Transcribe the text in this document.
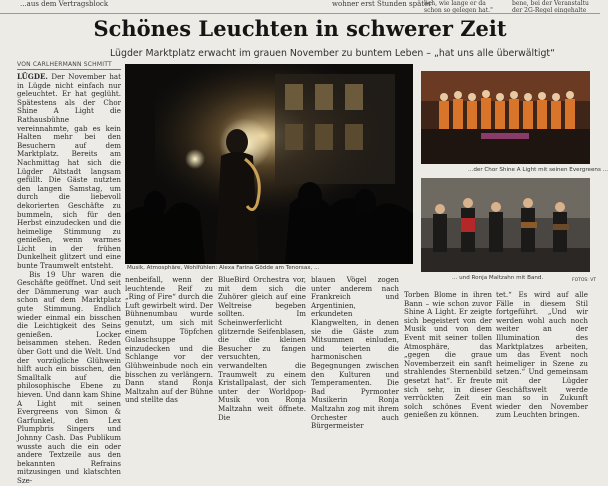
...aus dem Vertragsblock	wohner erst Stunden später
lich, wie lange er da schon so gelegen hat."
bene, bei der Veranstaltu der 2G-Regel eingehalte
Schönes Leuchten in schwerer Zeit
Lügder Marktplatz erwacht im grauen November zu buntem Leben – „hat uns alle überwältigt“
VON CARLHERMANN SCHMITT
LÜGDE. Der November hat in Lügde nicht einfach nur geleuchtet. Er hat geglüht. Spätestens als der Chor Shine A Light die Rathausbühne vereinnahmte, gab es kein Halten mehr bei den Besuchern auf dem Marktplatz. Bereits am Nachmittag hat sich die Lügder Altstadt langsam gefüllt. Die Gäste nutzten den langen Samstag, um durch die liebevoll dekorierten Geschäfte zu bummeln, sich für den Herbst einzudecken und die heimelige Stimmung zu genießen, wenn warmes Licht in der frühen Dunkelheit glitzert und eine bunte Traumwelt entsteht.
Bis 19 Uhr waren die Geschäfte geöffnet. Und seit der Dämmerung war auch schon auf dem Marktplatz gute Stimmung. Endlich wieder einmal ein bisschen die Leichtigkeit des Seins genießen. Locker beisammen stehen. Reden über Gott und die Welt. Und der vorzügliche Glühwein hilft auch ein bisschen, den Smalltalk auf die philosophische Ebene zu hieven. Und dann kam Shine A Light mit seinen Evergreens von Simon & Garfunkel, den Lex Plumpbris Singers und Johnny Cash. Das Publikum wusste auch die ein oder andere Textzeile aus den bekannten Refrains mitzusingen und klatschten Sze-
Musik, Atmosphäre, Wohlfühlen: Alexa Farina Gödde am Tenorsax, ...
...der Chor Shine A Light mit seinen Evergreens ...
... und Ronja Maltzahn mit Band.	FOTOS: VT
nenbeifall, wenn der leuchtende Reif zu „Ring of Fire“ durch die Luft gewirbelt wird. Der Bühnenumbau wurde genutzt, um sich mit einem Töpfchen Gulaschsuppe einzudecken und die Schlange vor der Glühweinbude noch ein bisschen zu verlängern. Dann stand Ronja Maltzahn auf der Bühne und stellte das
BlueBird Orchestra vor, mit dem sich die Zuhörer gleich auf eine Weltreise begeben sollten. Im Scheinwerferlicht glitzernde Seifenblasen, die die kleinen Besucher zu fangen versuchten, verwandelten die Traumwelt zu einem Kristallpalast, der sich unter der Worldpop-Musik von Ronja Maltzahn weit öffnete. Die
blauen Vögel zogen unter anderem nach Frankreich und Argentinien, erkundeten Klangwelten, in denen sie die Gäste zum Mitsummen einluden, und teierten die harmonischen Begegnungen zwischen den Kulturen und Temperamenten. Die Bad Pyrmonter Musikerin Ronja Maltzahn zog mit ihrem Orchester auch Bürgermeister
Torben Blome in ihren Bann – wie schon zuvor Shine A Light. Er zeigte sich begeistert von der Musik und von dem Event mit seiner tollen Atmosphäre, das „gegen die graue Novemberzeit ein sanft strahlendes Sternenbild gesetzt hat“. Er freute sich sehr, in dieser verrückten Zeit ein solch schönes Event genießen zu können.
tet.“ Es wird auf alle Fälle in diesem Stil fortgeführt. „Und wir werden wohl auch noch weiter an der Illumination des Marktplatzes arbeiten, um das Event noch heimeliger in Szene zu setzen.“ Und gemeinsam mit der Lügder Geschäftswelt werde man so in Zukunft wieder den November zum Leuchten bringen.
